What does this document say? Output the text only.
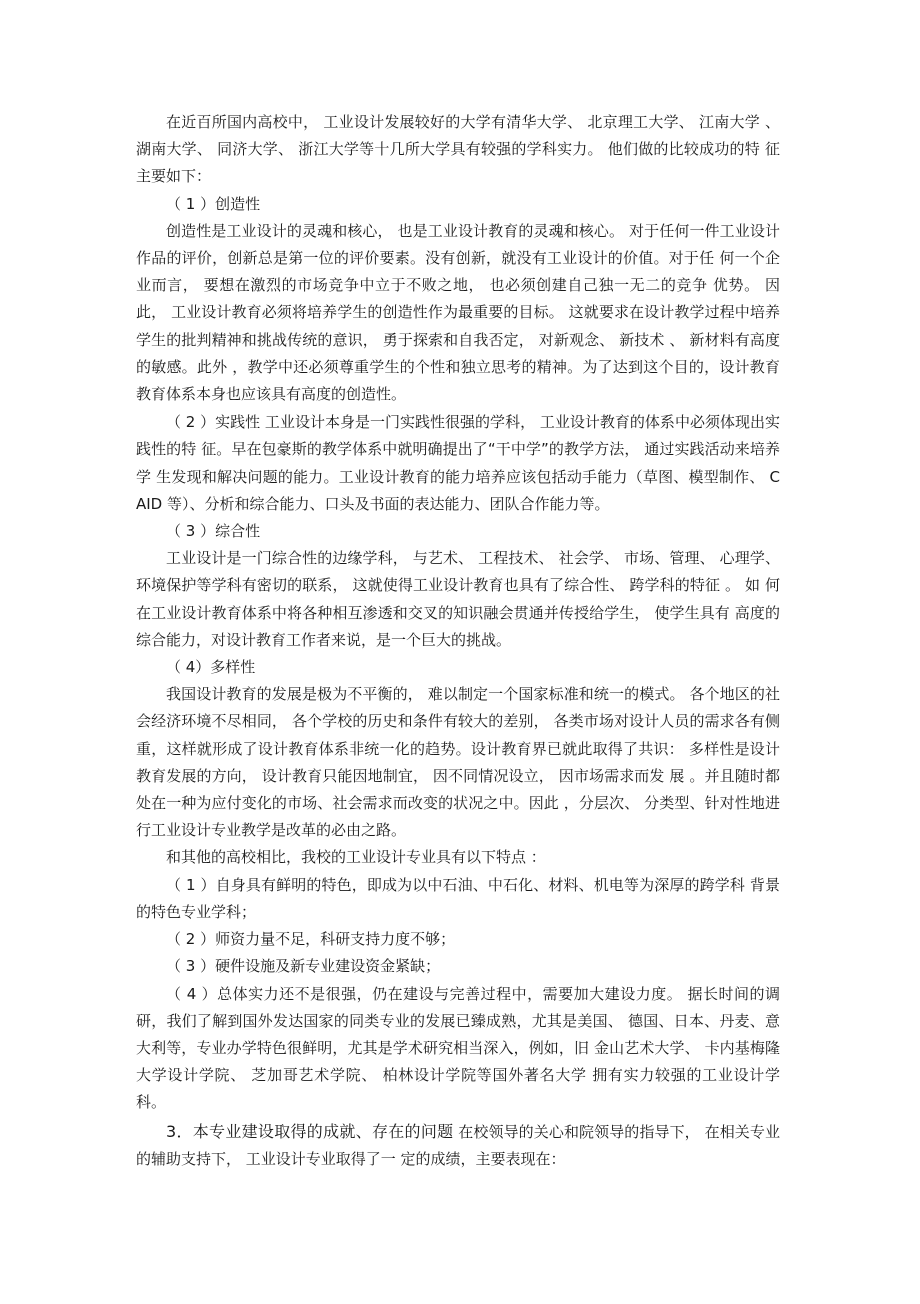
在近百所国内高校中， 工业设计发展较好的大学有清华大学、 北京理工大学、 江南大学 、 湖南大学、 同济大学、 浙江大学等十几所大学具有较强的学科实力。 他们做的比较成功的特 征主要如下：

（ 1 ）创造性

创造性是工业设计的灵魂和核心， 也是工业设计教育的灵魂和核心。 对于任何一件工业设计作品的评价，创新总是第一位的评价要素。没有创新，就没有工业设计的价值。对于任 何一个企业而言， 要想在激烈的市场竞争中立于不败之地， 也必须创建自己独一无二的竞争 优势。 因此， 工业设计教育必须将培养学生的创造性作为最重要的目标。 这就要求在设计教学过程中培养学生的批判精神和挑战传统的意识， 勇于探索和自我否定， 对新观念、 新技术 、 新材料有高度的敏感。此外 ，教学中还必须尊重学生的个性和独立思考的精神。为了达到这个目的，设计教育教育体系本身也应该具有高度的创造性。

（ 2 ）实践性 工业设计本身是一门实践性很强的学科， 工业设计教育的体系中必须体现出实践性的特 征。早在包豪斯的教学体系中就明确提出了“干中学”的教学方法， 通过实践活动来培养学 生发现和解决问题的能力。工业设计教育的能力培养应该包括动手能力（草图、模型制作、 CAID 等）、分析和综合能力、口头及书面的表达能力、团队合作能力等。

（ 3 ）综合性

工业设计是一门综合性的边缘学科， 与艺术、 工程技术、 社会学、 市场、管理、 心理学、 环境保护等学科有密切的联系， 这就使得工业设计教育也具有了综合性、 跨学科的特征 。 如 何在工业设计教育体系中将各种相互渗透和交叉的知识融会贯通并传授给学生， 使学生具有 高度的综合能力，对设计教育工作者来说，是一个巨大的挑战。

（ 4）多样性

我国设计教育的发展是极为不平衡的， 难以制定一个国家标准和统一的模式。 各个地区的社会经济环境不尽相同， 各个学校的历史和条件有较大的差别， 各类市场对设计人员的需求各有侧重，这样就形成了设计教育体系非统一化的趋势。设计教育界已就此取得了共识： 多样性是设计教育发展的方向， 设计教育只能因地制宜， 因不同情况设立， 因市场需求而发 展 。并且随时都处在一种为应付变化的市场、社会需求而改变的状况之中。因此 ，分层次、 分类型、针对性地进行工业设计专业教学是改革的必由之路。

和其他的高校相比，我校的工业设计专业具有以下特点 ：

（ 1 ）自身具有鲜明的特色，即成为以中石油、中石化、材料、机电等为深厚的跨学科 背景的特色专业学科；

（ 2 ）师资力量不足，科研支持力度不够；

（ 3 ）硬件设施及新专业建设资金紧缺；

（ 4 ）总体实力还不是很强，仍在建设与完善过程中，需要加大建设力度。 据长时间的调研，我们了解到国外发达国家的同类专业的发展已臻成熟，尤其是美国、 德国、日本、丹麦、意大利等，专业办学特色很鲜明，尤其是学术研究相当深入，例如，旧 金山艺术大学、 卡内基梅隆大学设计学院、 芝加哥艺术学院、 柏林设计学院等国外著名大学 拥有实力较强的工业设计学科。

3．本专业建设取得的成就、存在的问题 在校领导的关心和院领导的指导下， 在相关专业的辅助支持下， 工业设计专业取得了一 定的成绩，主要表现在：
